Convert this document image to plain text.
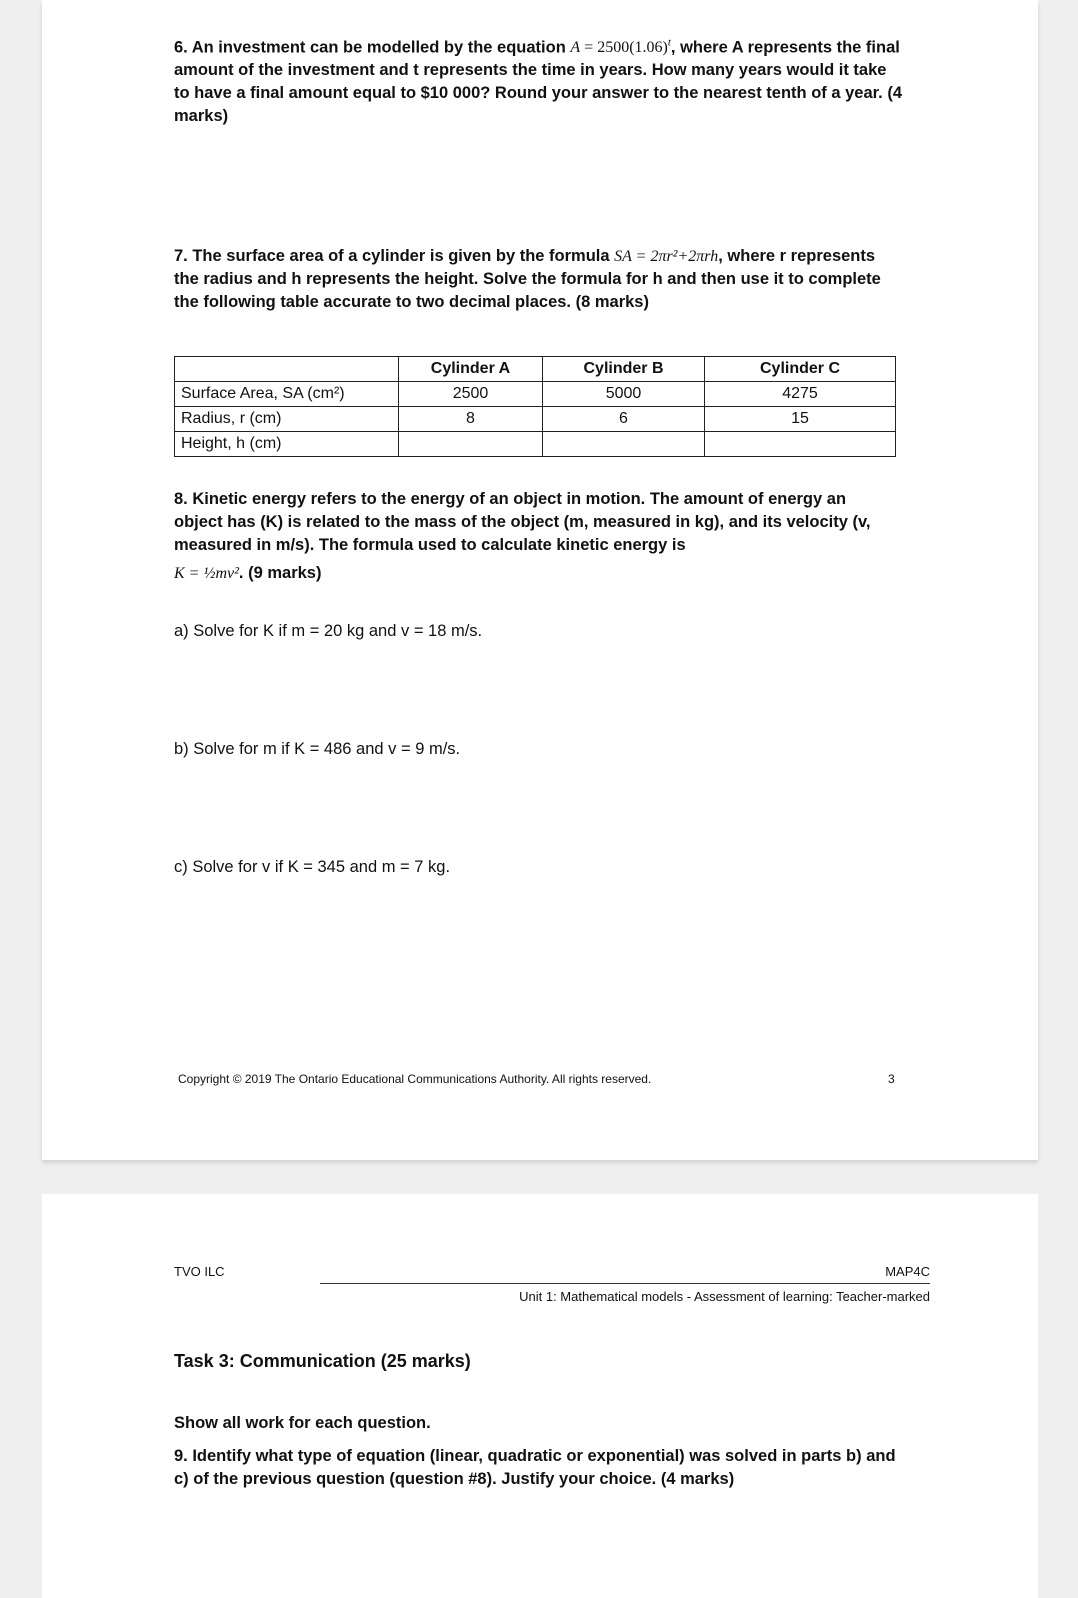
6. An investment can be modelled by the equation $A = 2500(1.06)^t$, where A represents the final amount of the investment and t represents the time in years. How many years would it take to have a final amount equal to $10 000? Round your answer to the nearest tenth of a year. (4 marks)

7. The surface area of a cylinder is given by the formula SA = 2πr²+2πrh, where r represents the radius and h represents the height. Solve the formula for h and then use it to complete the following table accurate to two decimal places. (8 marks)

	Cylinder A	Cylinder B	Cylinder C
Surface Area, SA (cm²)	2500	5000	4275
Radius, r (cm)	8	6	15
Height, h (cm)			

8. Kinetic energy refers to the energy of an object in motion. The amount of energy an object has (K) is related to the mass of the object (m, measured in kg), and its velocity (v, measured in m/s). The formula used to calculate kinetic energy is

K = ½mv². (9 marks)

a) Solve for K if m = 20 kg and v = 18 m/s.

b) Solve for m if K = 486 and v = 9 m/s.

c) Solve for v if K = 345 and m = 7 kg.

Copyright © 2019 The Ontario Educational Communications Authority. All rights reserved.	3
TVO ILC	MAP4C
Unit 1: Mathematical models - Assessment of learning: Teacher-marked

Task 3: Communication (25 marks)

Show all work for each question.

9. Identify what type of equation (linear, quadratic or exponential) was solved in parts b) and c) of the previous question (question #8). Justify your choice. (4 marks)
